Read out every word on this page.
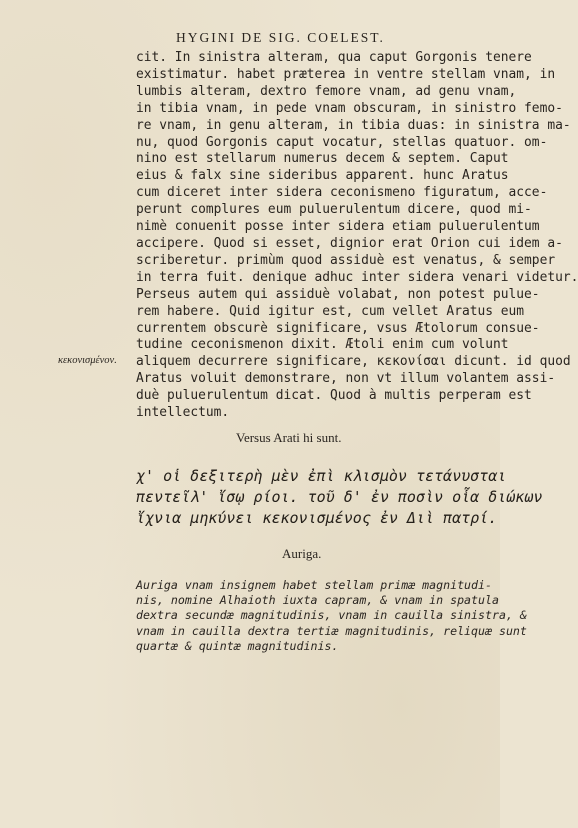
HYGINI DE SIG. COELEST.
cit. In sinistra alteram, qua caput Gorgonis tenere
existimatur. habet præterea in ventre stellam vnam, in
lumbis alteram, dextro femore vnam, ad genu vnam,
in tibia vnam, in pede vnam obscuram, in sinistro femo-
re vnam, in genu alteram, in tibia duas: in sinistra ma-
nu, quod Gorgonis caput vocatur, stellas quatuor. om-
nino est stellarum numerus decem & septem. Caput
eius & falx sine sideribus apparent. hunc Aratus
cum diceret inter sidera ceconismeno figuratum, acce-
perunt complures eum puluerulentum dicere, quod mi-
nimè conuenit posse inter sidera etiam puluerulentum
accipere. Quod si esset, dignior erat Orion cui idem a-
scriberetur. primùm quod assiduè est venatus, & semper
in terra fuit. denique adhuc inter sidera venari videtur.
Perseus autem qui assiduè volabat, non potest pulue-
rem habere. Quid igitur est, cum vellet Aratus eum
currentem obscurè significare, vsus Ætolorum consue-
tudine ceconismenon dixit. Ætoli enim cum volunt
aliquem decurrere significare, κεκονίσαι dicunt. id quod
Aratus voluit demonstrare, non vt illum volantem assi-
duè puluerulentum dicat. Quod à multis perperam est
intellectum.
κεκονισμένον.
Versus Arati hi sunt.
χ' οἱ δεξιτερὴ μὲν ἐπὶ κλισμὸν τετάνυσται
πεντεῖλ' ἴσῳ ρίοι. τοῦ δ' ἐν ποσὶν οἷα διώκων
ἴχνια μηκύνει κεκονισμένος ἐν Διὶ πατρί.
Auriga.
Auriga vnam insignem habet stellam primæ magnitudi-
nis, nomine Alhaioth iuxta capram, & vnam in spatula
dextra secundæ magnitudinis, vnam in cauilla sinistra, &
vnam in cauilla dextra tertiæ magnitudinis, reliquæ sunt
quartæ & quintæ magnitudinis.
